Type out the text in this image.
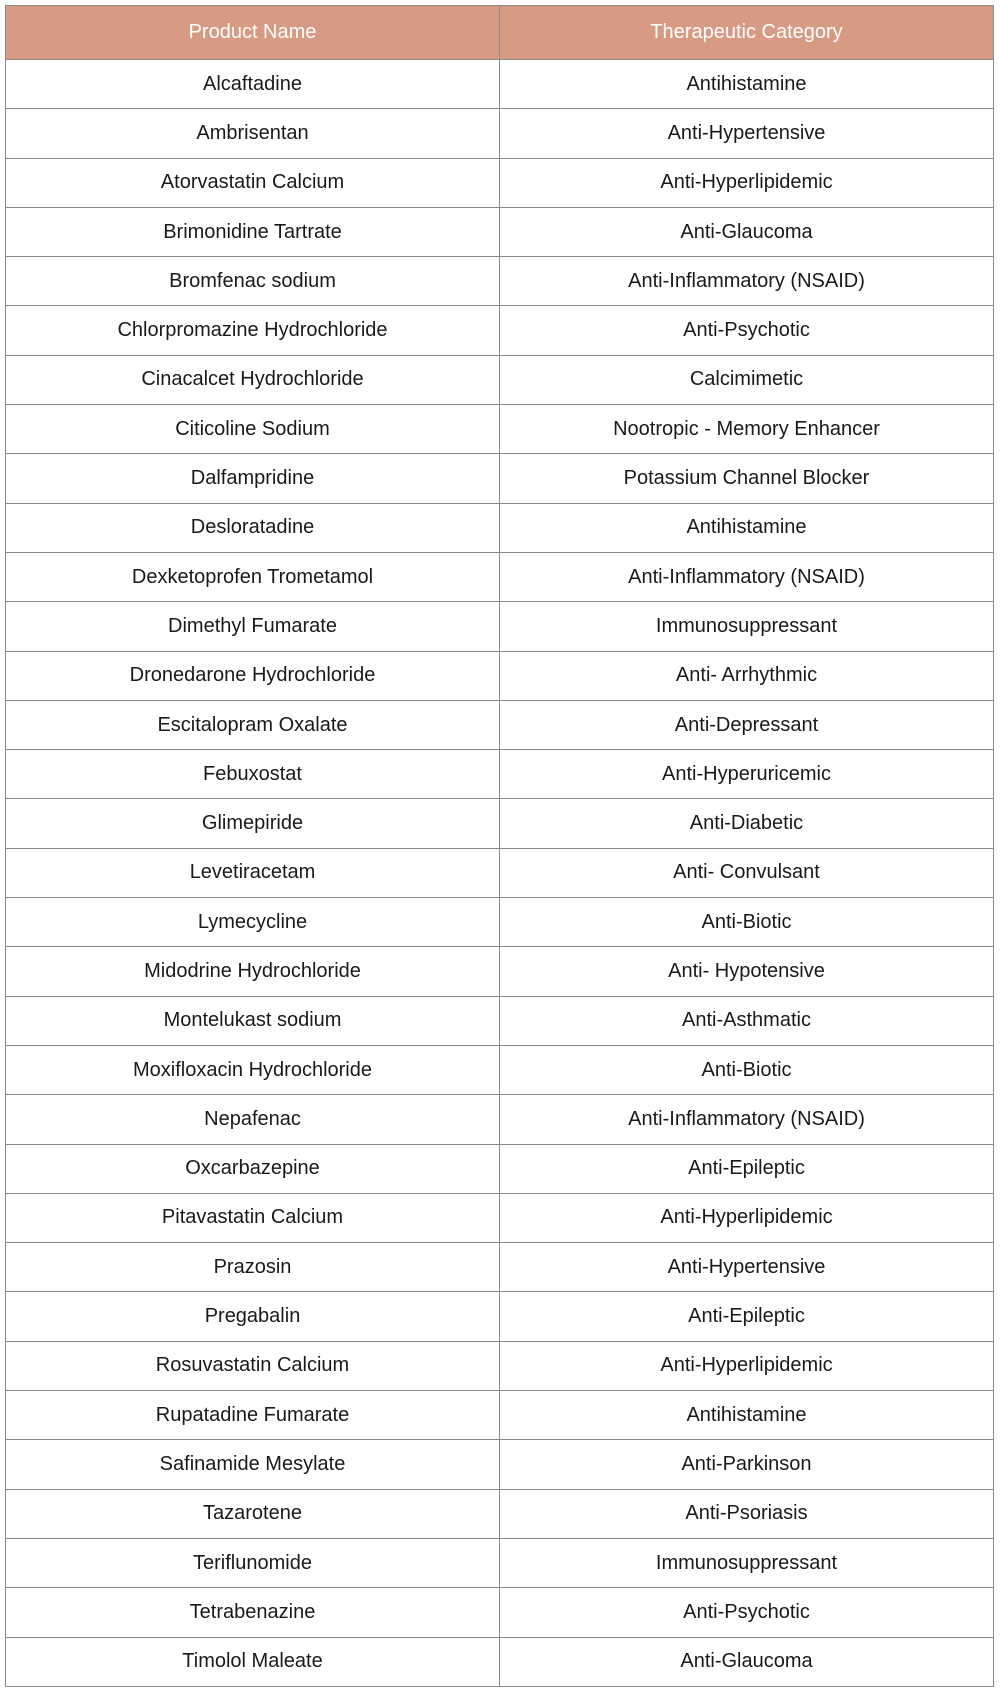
Product Name	Therapeutic Category
Alcaftadine	Antihistamine
Ambrisentan	Anti-Hypertensive
Atorvastatin Calcium	Anti-Hyperlipidemic
Brimonidine Tartrate	Anti-Glaucoma
Bromfenac sodium	Anti-Inflammatory (NSAID)
Chlorpromazine Hydrochloride	Anti-Psychotic
Cinacalcet Hydrochloride	Calcimimetic
Citicoline Sodium	Nootropic - Memory Enhancer
Dalfampridine	Potassium Channel Blocker
Desloratadine	Antihistamine
Dexketoprofen Trometamol	Anti-Inflammatory (NSAID)
Dimethyl Fumarate	Immunosuppressant
Dronedarone Hydrochloride	Anti- Arrhythmic
Escitalopram Oxalate	Anti-Depressant
Febuxostat	Anti-Hyperuricemic
Glimepiride	Anti-Diabetic
Levetiracetam	Anti- Convulsant
Lymecycline	Anti-Biotic
Midodrine Hydrochloride	Anti- Hypotensive
Montelukast sodium	Anti-Asthmatic
Moxifloxacin Hydrochloride	Anti-Biotic
Nepafenac	Anti-Inflammatory (NSAID)
Oxcarbazepine	Anti-Epileptic
Pitavastatin Calcium	Anti-Hyperlipidemic
Prazosin	Anti-Hypertensive
Pregabalin	Anti-Epileptic
Rosuvastatin Calcium	Anti-Hyperlipidemic
Rupatadine Fumarate	Antihistamine
Safinamide Mesylate	Anti-Parkinson
Tazarotene	Anti-Psoriasis
Teriflunomide	Immunosuppressant
Tetrabenazine	Anti-Psychotic
Timolol Maleate	Anti-Glaucoma
